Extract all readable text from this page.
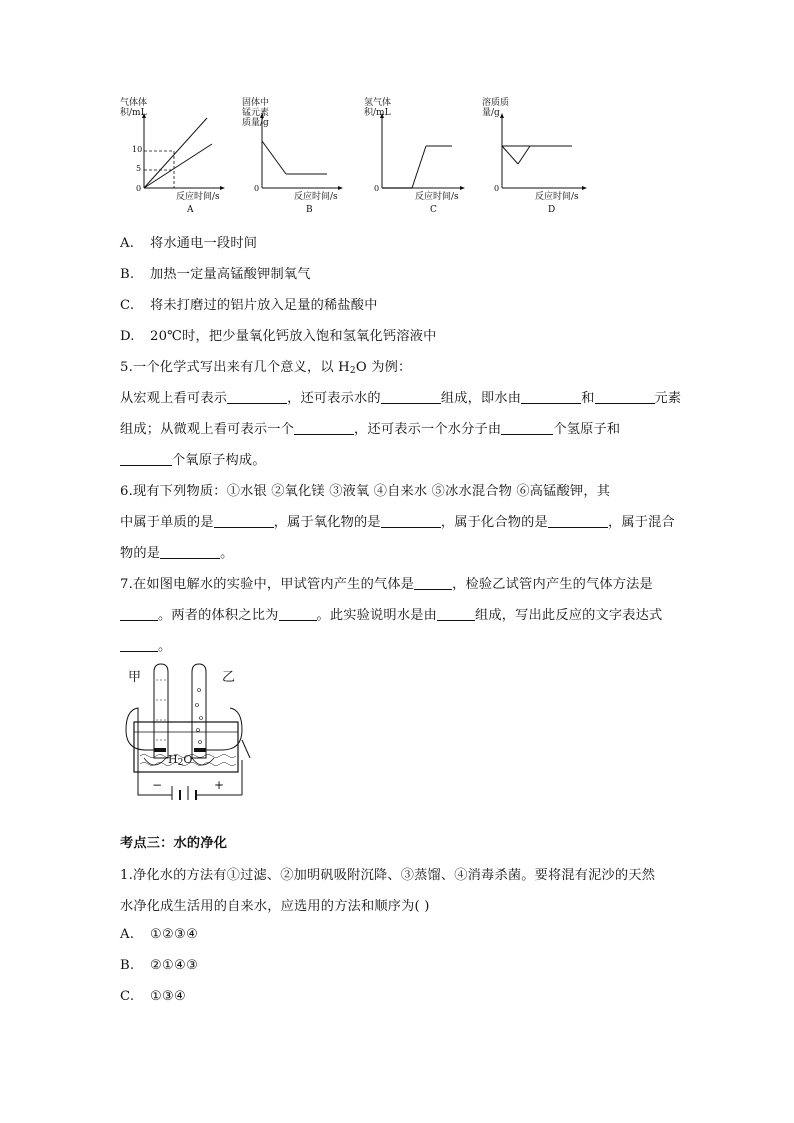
气体体积/mL
10
5
0
反应时间/s
A
固体中锰元素质量/g
0
反应时间/s
B
氢气体积/mL
0
反应时间/s
C
溶质质量/g
0
反应时间/s
D
A. 将水通电一段时间
B. 加热一定量高锰酸钾制氧气
C. 将未打磨过的铝片放入足量的稀盐酸中
D. 20℃时，把少量氧化钙放入饱和氢氧化钙溶液中
5.一个化学式写出来有几个意义，以 $H_2O$ 为例：
从宏观上看可表示	，还可表示水的	组成，即水由	和	元素
组成；从微观上看可表示一个	，还可表示一个水分子由	个氢原子和
个氧原子构成。
6.现有下列物质：①水银 ②氧化镁 ③液氧 ④自来水 ⑤冰水混合物 ⑥高锰酸钾，其
中属于单质的是	，属于氧化物的是	，属于化合物的是	，属于混合
物的是	。
7.在如图电解水的实验中，甲试管内产生的气体是	，检验乙试管内产生的气体方法是
。两者的体积之比为	。此实验说明水是由	组成，写出此反应的文字表达式
。
甲	乙
$H_2O$
−	+
考点三：水的净化
1.净化水的方法有①过滤、②加明矾吸附沉降、③蒸馏、④消毒杀菌。要将混有泥沙的天然
水净化成生活用的自来水，应选用的方法和顺序为( )
A. ①②③④
B. ②①④③
C. ①③④
